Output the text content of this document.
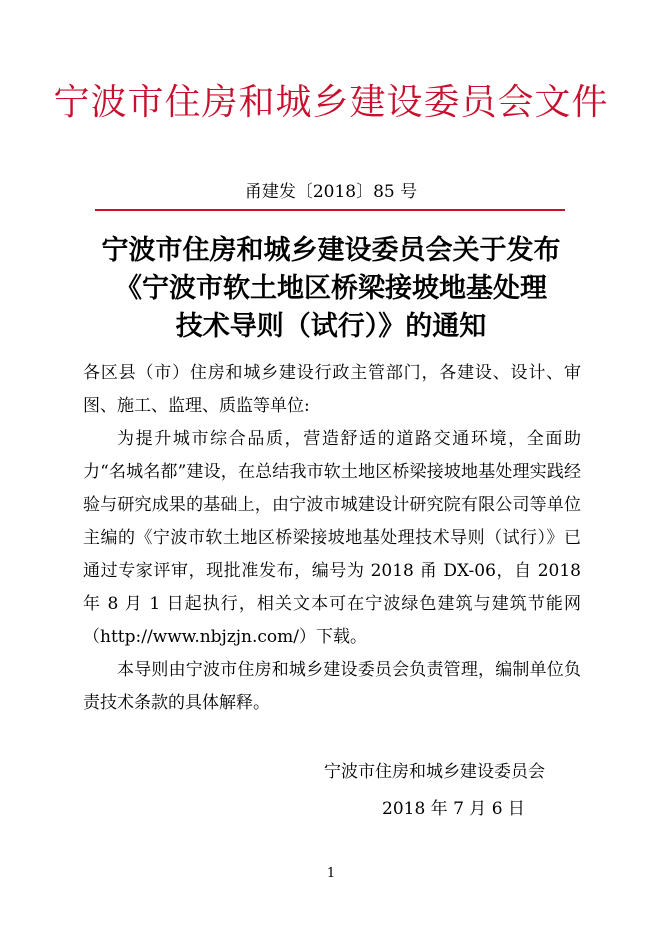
宁波市住房和城乡建设委员会文件
甬建发〔2018〕85 号
宁波市住房和城乡建设委员会关于发布
《宁波市软土地区桥梁接坡地基处理
技术导则（试行）》的通知

各区县（市）住房和城乡建设行政主管部门，各建设、设计、审图、施工、监理、质监等单位:

为提升城市综合品质，营造舒适的道路交通环境，全面助力“名城名都”建设，在总结我市软土地区桥梁接坡地基处理实践经验与研究成果的基础上，由宁波市城建设计研究院有限公司等单位主编的《宁波市软土地区桥梁接坡地基处理技术导则（试行）》已通过专家评审，现批准发布，编号为 2018 甬 DX-06，自 2018 年 8 月 1 日起执行，相关文本可在宁波绿色建筑与建筑节能网（http://www.nbjzjn.com/）下载。

本导则由宁波市住房和城乡建设委员会负责管理，编制单位负责技术条款的具体解释。

宁波市住房和城乡建设委员会
2018 年 7 月 6 日
1
